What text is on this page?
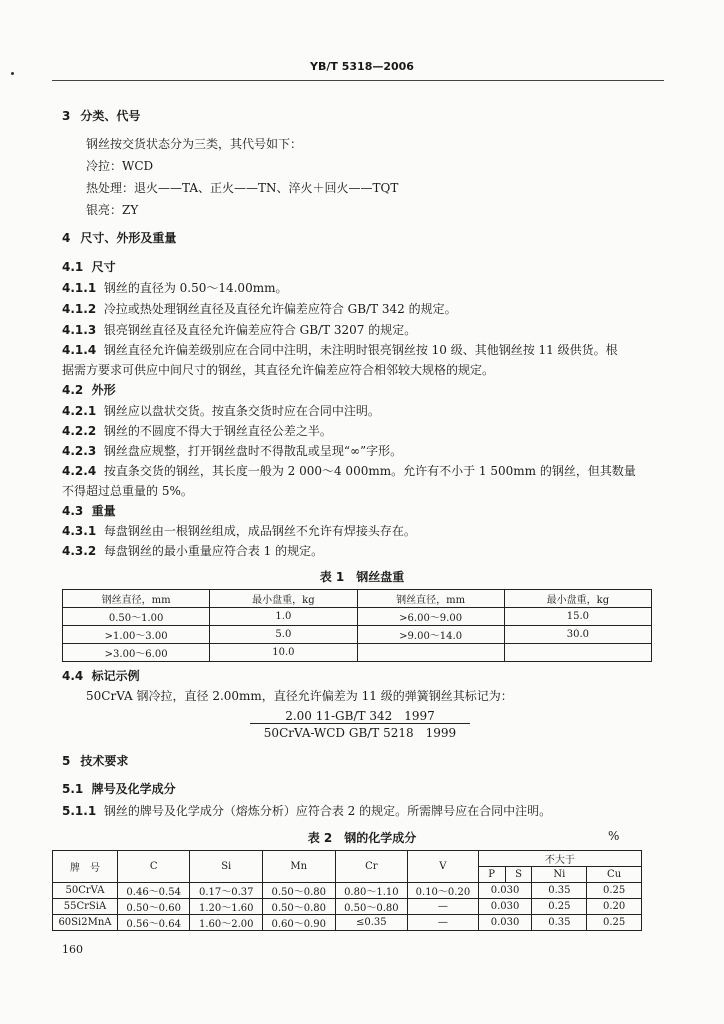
YB/T 5318—2006
3 分类、代号
钢丝按交货状态分为三类，其代号如下：
冷拉：WCD
热处理：退火——TA、正火——TN、淬火＋回火——TQT
银亮：ZY
4 尺寸、外形及重量
4.1 尺寸
4.1.1 钢丝的直径为 0.50～14.00mm。
4.1.2 冷拉或热处理钢丝直径及直径允许偏差应符合 GB/T 342 的规定。
4.1.3 银亮钢丝直径及直径允许偏差应符合 GB/T 3207 的规定。
4.1.4 钢丝直径允许偏差级别应在合同中注明，未注明时银亮钢丝按 10 级、其他钢丝按 11 级供货。根
据需方要求可供应中间尺寸的钢丝，其直径允许偏差应符合相邻较大规格的规定。
4.2 外形
4.2.1 钢丝应以盘状交货。按直条交货时应在合同中注明。
4.2.2 钢丝的不圆度不得大于钢丝直径公差之半。
4.2.3 钢丝盘应规整，打开钢丝盘时不得散乱或呈现“∞”字形。
4.2.4 按直条交货的钢丝，其长度一般为 2 000～4 000mm。允许有不小于 1 500mm 的钢丝，但其数量
不得超过总重量的 5%。
4.3 重量
4.3.1 每盘钢丝由一根钢丝组成，成品钢丝不允许有焊接头存在。
4.3.2 每盘钢丝的最小重量应符合表 1 的规定。
表 1　钢丝盘重
钢丝直径，mm	最小盘重，kg	钢丝直径，mm	最小盘重，kg
0.50～1.00	1.0	>6.00～9.00	15.0
>1.00～3.00	5.0	>9.00～14.0	30.0
>3.00～6.00	10.0		
4.4 标记示例
50CrVA 钢冷拉，直径 2.00mm，直径允许偏差为 11 级的弹簧钢丝其标记为：
2.00 11-GB/T 342　1997
50CrVA-WCD GB/T 5218　1999
5 技术要求
5.1 牌号及化学成分
5.1.1 钢丝的牌号及化学成分（熔炼分析）应符合表 2 的规定。所需牌号应在合同中注明。
表 2　钢的化学成分	%
牌　号	C	Si	Mn	Cr	V	不大于			
						P	S	Ni	Cu
50CrVA	0.46～0.54	0.17～0.37	0.50～0.80	0.80～1.10	0.10～0.20	0.030		0.35	0.25
55CrSiA	0.50～0.60	1.20～1.60	0.50～0.80	0.50～0.80	—	0.030		0.25	0.20
60Si2MnA	0.56～0.64	1.60～2.00	0.60～0.90	≤0.35	—	0.030		0.35	0.25
160
